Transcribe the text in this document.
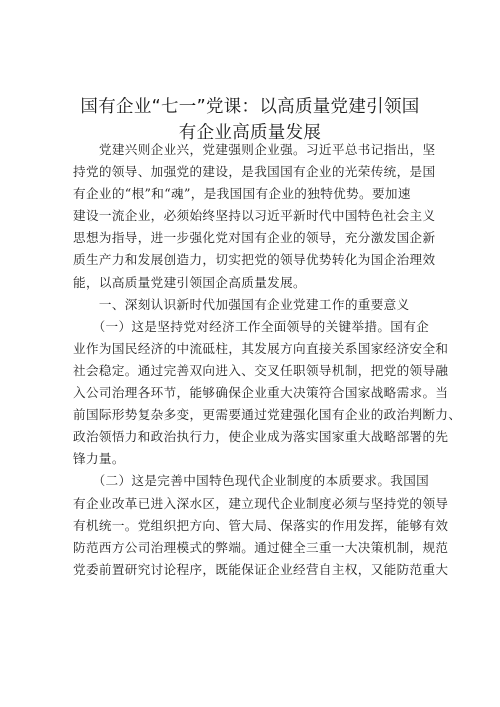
国有企业“七一”党课：以高质量党建引领国
有企业高质量发展

　　党建兴则企业兴，党建强则企业强。习近平总书记指出，坚
持党的领导、加强党的建设，是我国国有企业的光荣传统，是国
有企业的“根”和“魂”，是我国国有企业的独特优势。要加速
建设一流企业，必须始终坚持以习近平新时代中国特色社会主义
思想为指导，进一步强化党对国有企业的领导，充分激发国企新
质生产力和发展创造力，切实把党的领导优势转化为国企治理效
能，以高质量党建引领国企高质量发展。

　　一、深刻认识新时代加强国有企业党建工作的重要意义

　　（一）这是坚持党对经济工作全面领导的关键举措。国有企
业作为国民经济的中流砥柱，其发展方向直接关系国家经济安全和
社会稳定。通过完善双向进入、交叉任职领导机制，把党的领导融
入公司治理各环节，能够确保企业重大决策符合国家战略需求。当
前国际形势复杂多变，更需要通过党建强化国有企业的政治判断力、
政治领悟力和政治执行力，使企业成为落实国家重大战略部署的先
锋力量。

　　（二）这是完善中国特色现代企业制度的本质要求。我国国
有企业改革已进入深水区，建立现代企业制度必须与坚持党的领导
有机统一。党组织把方向、管大局、保落实的作用发挥，能够有效
防范西方公司治理模式的弊端。通过健全三重一大决策机制，规范
党委前置研究讨论程序，既能保证企业经营自主权，又能防范重大
